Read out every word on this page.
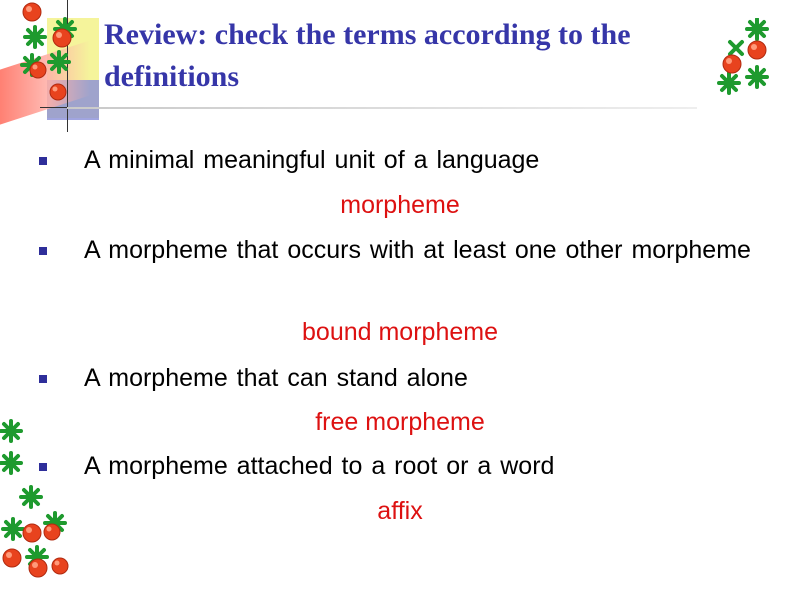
Review: check the terms according to the definitions
A minimal meaningful unit of a language
morpheme
A morpheme that occurs with at least one other morpheme
bound morpheme
A morpheme that can stand alone
free morpheme
A morpheme attached to a root or a word
affix
